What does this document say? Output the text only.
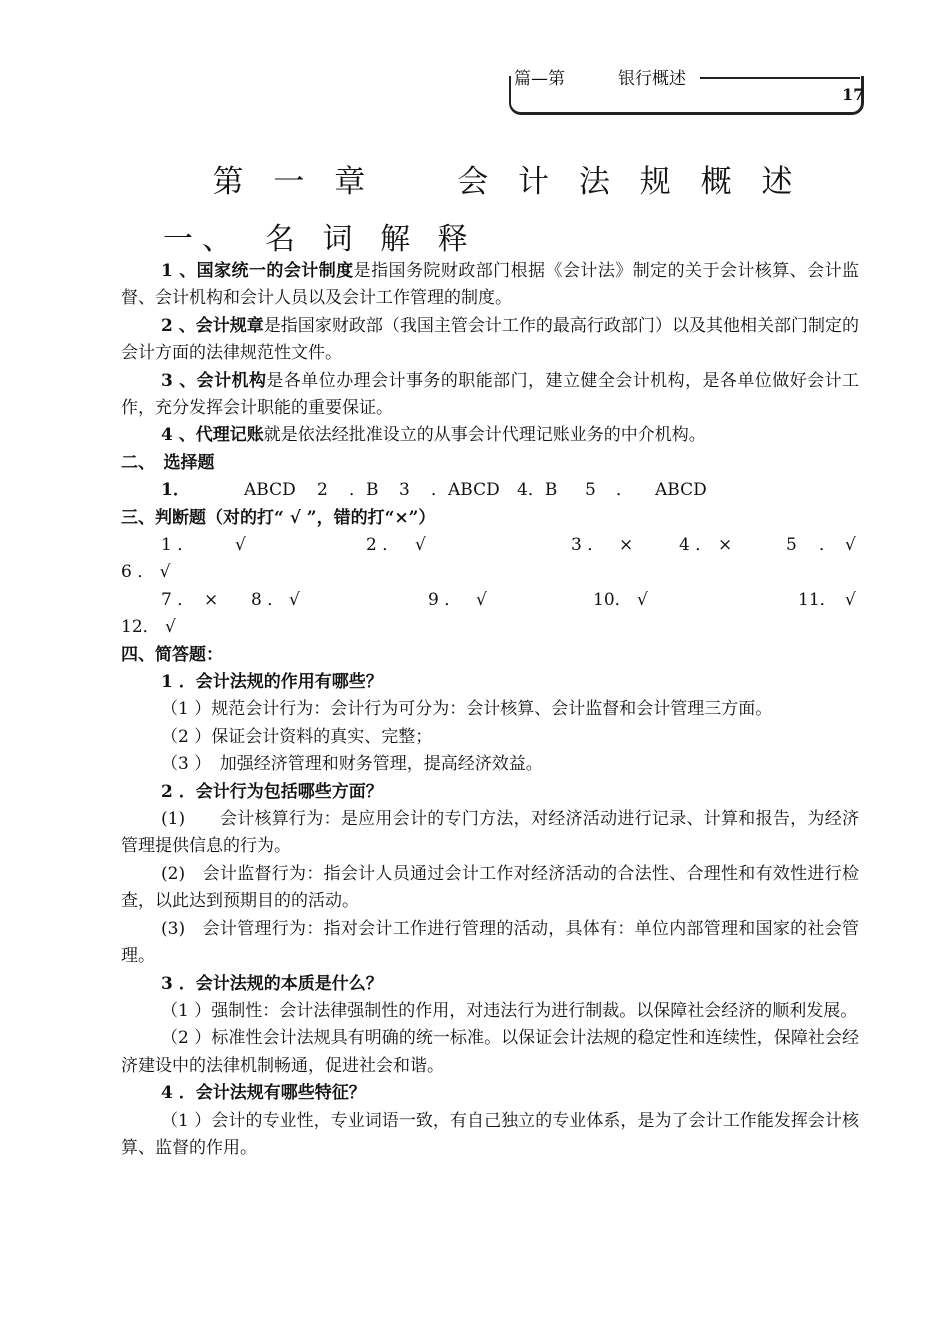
篇—第	银行概述
17
第 一 章　　会 计 法 规 概 述
一、　名 词 解 释

1 、国家统一的会计制度是指国务院财政部门根据《会计法》制定的关于会计核算、会计监督、会计机构和会计人员以及会计工作管理的制度。

2 、会计规章是指国家财政部（我国主管会计工作的最高行政部门）以及其他相关部门制定的会计方面的法律规范性文件。

3 、会计机构是各单位办理会计事务的职能部门，建立健全会计机构，是各单位做好会计工作，充分发挥会计职能的重要保证。

4 、代理记账就是依法经批准设立的从事会计代理记账业务的中介机构。

二、　选择题

1．	ABCD 2 ．B 3 ．ABCD 4．B 5 ． ABCD

三、判断题（对的打“ √ ”，错的打“×”）

1 ． √	2 ． √	3 ． ×	4 ． ×	5 ． √

6 ． √

7 ． × 8 ． √	9 ． √	10． √	11． √

12． √

四、简答题：

1 ．会计法规的作用有哪些？

（1 ）规范会计行为：会计行为可分为：会计核算、会计监督和会计管理三方面。

（2 ）保证会计资料的真实、完整；

（3 ）　加强经济管理和财务管理，提高经济效益。

2 ．会计行为包括哪些方面？

(1)　　会计核算行为：是应用会计的专门方法，对经济活动进行记录、计算和报告，为经济管理提供信息的行为。

(2)　会计监督行为：指会计人员通过会计工作对经济活动的合法性、合理性和有效性进行检查，以此达到预期目的的活动。

(3)　会计管理行为：指对会计工作进行管理的活动，具体有：单位内部管理和国家的社会管理。

3 ．会计法规的本质是什么？

（1 ）强制性：会计法律强制性的作用，对违法行为进行制裁。以保障社会经济的顺利发展。

（2 ）标准性会计法规具有明确的统一标准。以保证会计法规的稳定性和连续性，保障社会经济建设中的法律机制畅通，促进社会和谐。

4 ．会计法规有哪些特征？

（1 ）会计的专业性，专业词语一致，有自己独立的专业体系，是为了会计工作能发挥会计核算、监督的作用。
